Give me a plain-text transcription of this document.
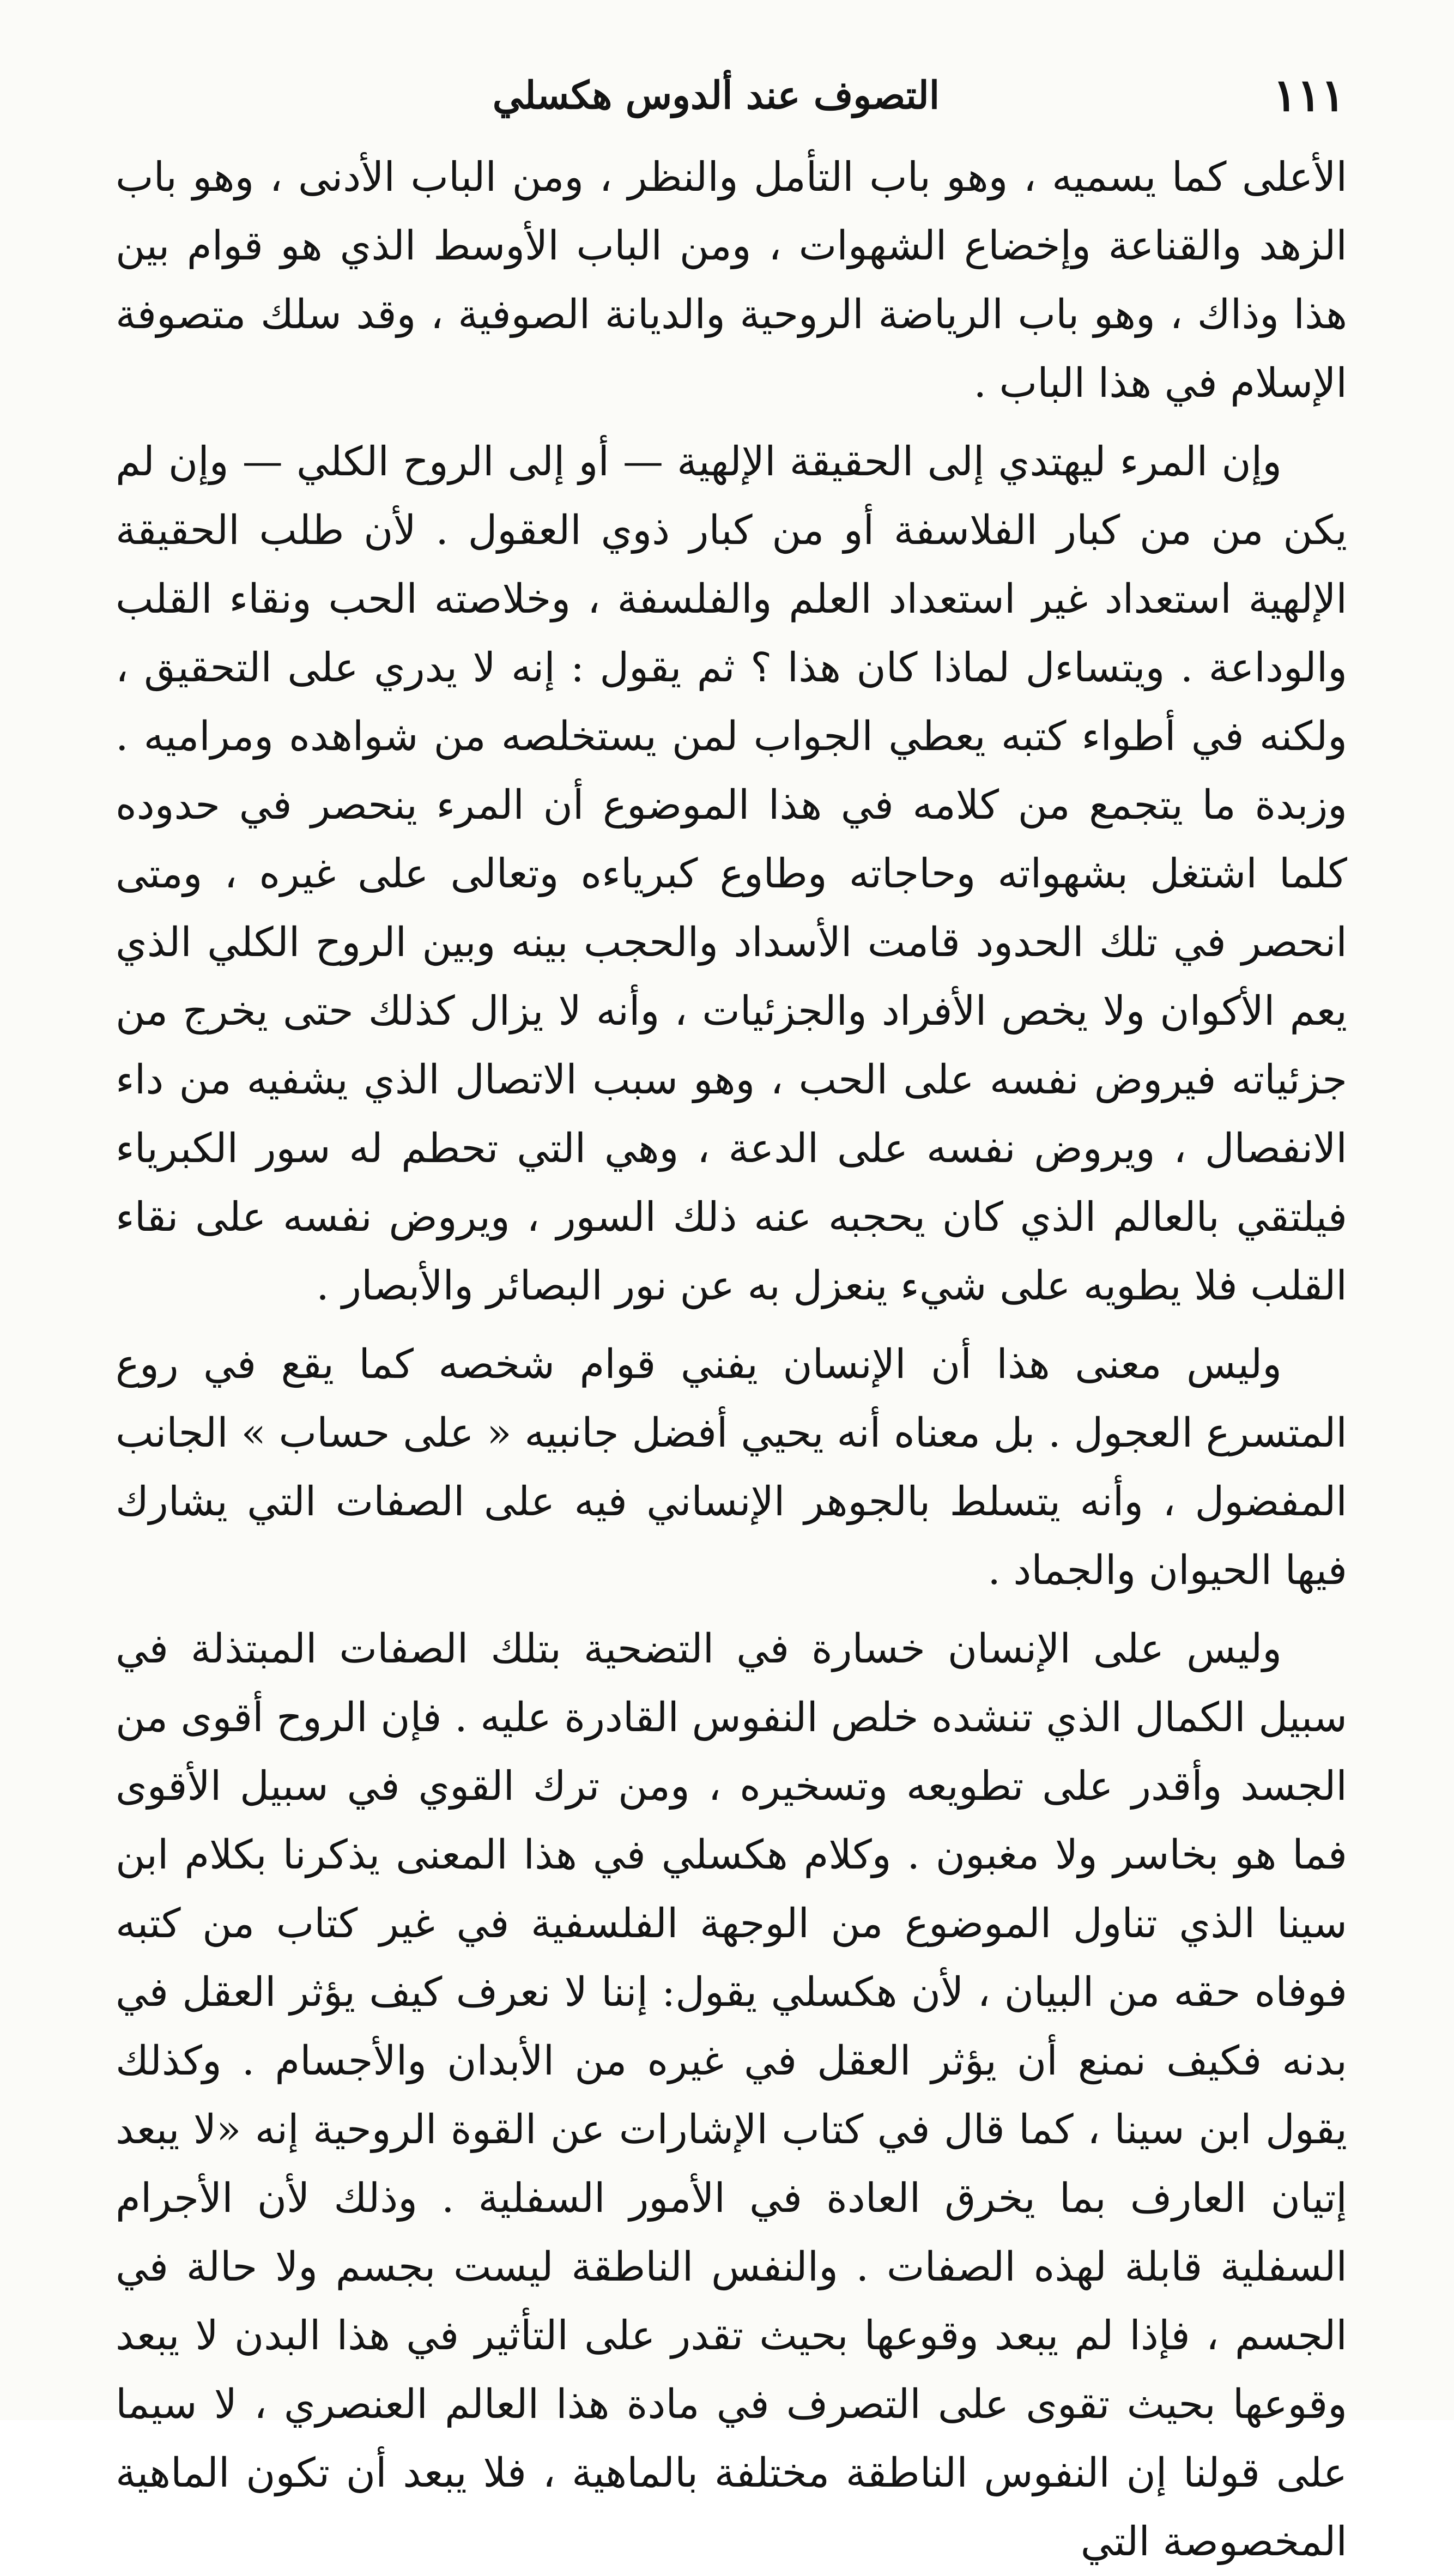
١١١
التصوف عند ألدوس هكسلي

الأعلى كما يسميه ، وهو باب التأمل والنظر ، ومن الباب الأدنى ، وهو باب الزهد والقناعة وإخضاع الشهوات ، ومن الباب الأوسط الذي هو قوام بين هذا وذاك ، وهو باب الرياضة الروحية والديانة الصوفية ، وقد سلك متصوفة الإسلام في هذا الباب .

وإن المرء ليهتدي إلى الحقيقة الإلهية — أو إلى الروح الكلي — وإن لم يكن من من كبار الفلاسفة أو من كبار ذوي العقول . لأن طلب الحقيقة الإلهية استعداد غير استعداد العلم والفلسفة ، وخلاصته الحب ونقاء القلب والوداعة . ويتساءل لماذا كان هذا ؟ ثم يقول : إنه لا يدري على التحقيق ، ولكنه في أطواء كتبه يعطي الجواب لمن يستخلصه من شواهده ومراميه . وزبدة ما يتجمع من كلامه في هذا الموضوع أن المرء ينحصر في حدوده كلما اشتغل بشهواته وحاجاته وطاوع كبرياءه وتعالى على غيره ، ومتى انحصر في تلك الحدود قامت الأسداد والحجب بينه وبين الروح الكلي الذي يعم الأكوان ولا يخص الأفراد والجزئيات ، وأنه لا يزال كذلك حتى يخرج من جزئياته فيروض نفسه على الحب ، وهو سبب الاتصال الذي يشفيه من داء الانفصال ، ويروض نفسه على الدعة ، وهي التي تحطم له سور الكبرياء فيلتقي بالعالم الذي كان يحجبه عنه ذلك السور ، ويروض نفسه على نقاء القلب فلا يطويه على شيء ينعزل به عن نور البصائر والأبصار .

وليس معنى هذا أن الإنسان يفني قوام شخصه كما يقع في روع المتسرع العجول . بل معناه أنه يحيي أفضل جانبيه « على حساب » الجانب المفضول ، وأنه يتسلط بالجوهر الإنساني فيه على الصفات التي يشارك فيها الحيوان والجماد .

وليس على الإنسان خسارة في التضحية بتلك الصفات المبتذلة في سبيل الكمال الذي تنشده خلص النفوس القادرة عليه . فإن الروح أقوى من الجسد وأقدر على تطويعه وتسخيره ، ومن ترك القوي في سبيل الأقوى فما هو بخاسر ولا مغبون . وكلام هكسلي في هذا المعنى يذكرنا بكلام ابن سينا الذي تناول الموضوع من الوجهة الفلسفية في غير كتاب من كتبه فوفاه حقه من البيان ، لأن هكسلي يقول: إننا لا نعرف كيف يؤثر العقل في بدنه فكيف نمنع أن يؤثر العقل في غيره من الأبدان والأجسام . وكذلك يقول ابن سينا ، كما قال في كتاب الإشارات عن القوة الروحية إنه «لا يبعد إتيان العارف بما يخرق العادة في الأمور السفلية . وذلك لأن الأجرام السفلية قابلة لهذه الصفات . والنفس الناطقة ليست بجسم ولا حالة في الجسم ، فإذا لم يبعد وقوعها بحيث تقدر على التأثير في هذا البدن لا يبعد وقوعها بحيث تقوى على التصرف في مادة هذا العالم العنصري ، لا سيما على قولنا إن النفوس الناطقة مختلفة بالماهية ، فلا يبعد أن تكون الماهية المخصوصة التي
